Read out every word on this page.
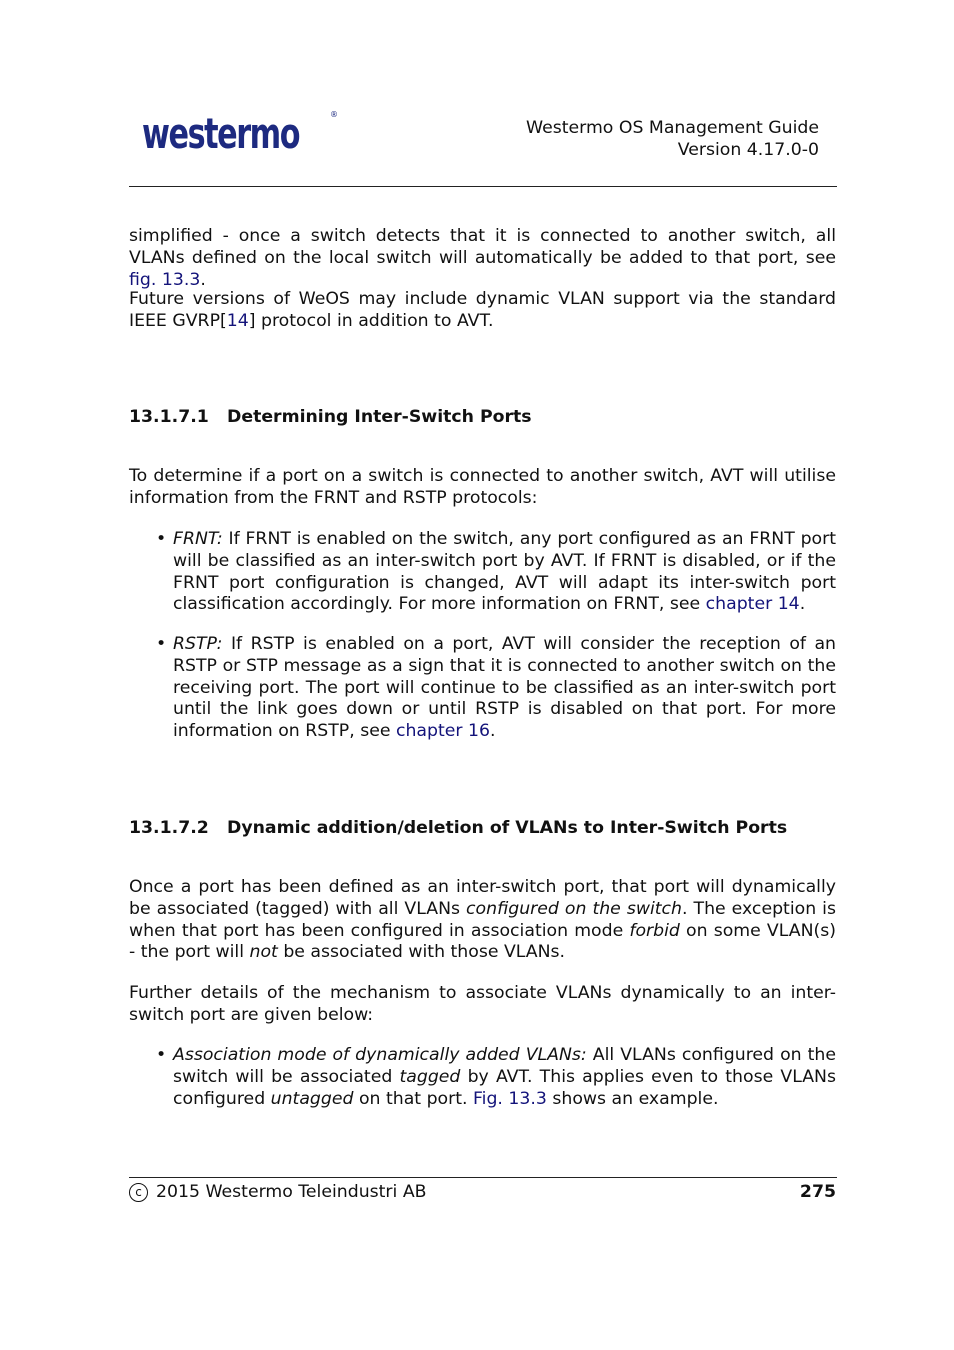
westermo	®
Westermo OS Management Guide
Version 4.17.0-0

simplified - once a switch detects that it is connected to another switch, all VLANs defined on the local switch will automatically be added to that port, see fig. 13.3.

Future versions of WeOS may include dynamic VLAN support via the standard IEEE GVRP[14] protocol in addition to AVT.

13.1.7.1 Determining Inter-Switch Ports

To determine if a port on a switch is connected to another switch, AVT will utilise information from the FRNT and RSTP protocols:

• FRNT: If FRNT is enabled on the switch, any port configured as an FRNT port will be classified as an inter-switch port by AVT. If FRNT is disabled, or if the FRNT port configuration is changed, AVT will adapt its inter-switch port classification accordingly. For more information on FRNT, see chapter 14.

• RSTP: If RSTP is enabled on a port, AVT will consider the reception of an RSTP or STP message as a sign that it is connected to another switch on the receiving port. The port will continue to be classified as an inter-switch port until the link goes down or until RSTP is disabled on that port. For more information on RSTP, see chapter 16.

13.1.7.2 Dynamic addition/deletion of VLANs to Inter-Switch Ports

Once a port has been defined as an inter-switch port, that port will dynamically be associated (tagged) with all VLANs configured on the switch. The exception is when that port has been configured in association mode forbid on some VLAN(s) - the port will not be associated with those VLANs.

Further details of the mechanism to associate VLANs dynamically to an inter-switch port are given below:

• Association mode of dynamically added VLANs: All VLANs configured on the switch will be associated tagged by AVT. This applies even to those VLANs configured untagged on that port. Fig. 13.3 shows an example.

c 2015 Westermo Teleindustri AB	275
